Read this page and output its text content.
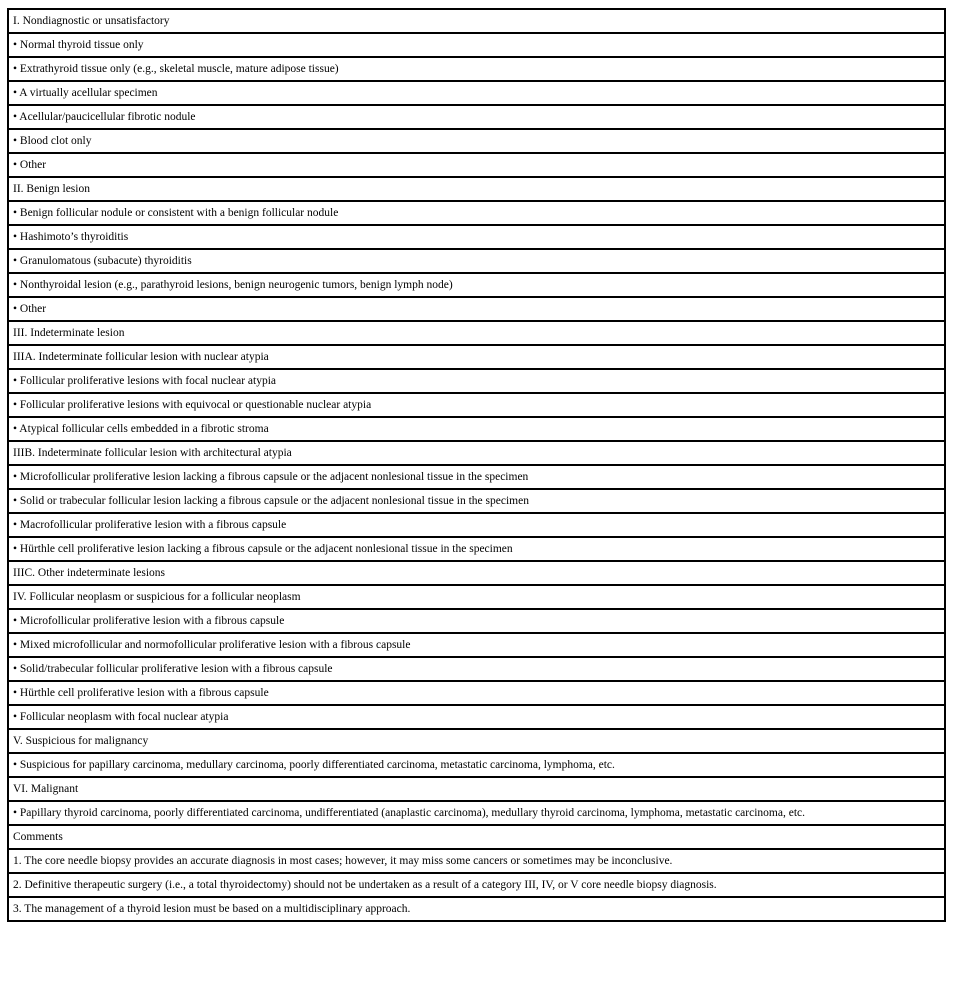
I. Nondiagnostic or unsatisfactory
• Normal thyroid tissue only
• Extrathyroid tissue only (e.g., skeletal muscle, mature adipose tissue)
• A virtually acellular specimen
• Acellular/paucicellular fibrotic nodule
• Blood clot only
• Other
II. Benign lesion
• Benign follicular nodule or consistent with a benign follicular nodule
• Hashimoto’s thyroiditis
• Granulomatous (subacute) thyroiditis
• Nonthyroidal lesion (e.g., parathyroid lesions, benign neurogenic tumors, benign lymph node)
• Other
III. Indeterminate lesion
IIIA. Indeterminate follicular lesion with nuclear atypia
• Follicular proliferative lesions with focal nuclear atypia
• Follicular proliferative lesions with equivocal or questionable nuclear atypia
• Atypical follicular cells embedded in a fibrotic stroma
IIIB. Indeterminate follicular lesion with architectural atypia
• Microfollicular proliferative lesion lacking a fibrous capsule or the adjacent nonlesional tissue in the specimen
• Solid or trabecular follicular lesion lacking a fibrous capsule or the adjacent nonlesional tissue in the specimen
• Macrofollicular proliferative lesion with a fibrous capsule
• Hürthle cell proliferative lesion lacking a fibrous capsule or the adjacent nonlesional tissue in the specimen
IIIC. Other indeterminate lesions
IV. Follicular neoplasm or suspicious for a follicular neoplasm
• Microfollicular proliferative lesion with a fibrous capsule
• Mixed microfollicular and normofollicular proliferative lesion with a fibrous capsule
• Solid/trabecular follicular proliferative lesion with a fibrous capsule
• Hürthle cell proliferative lesion with a fibrous capsule
• Follicular neoplasm with focal nuclear atypia
V. Suspicious for malignancy
• Suspicious for papillary carcinoma, medullary carcinoma, poorly differentiated carcinoma, metastatic carcinoma, lymphoma, etc.
VI. Malignant
• Papillary thyroid carcinoma, poorly differentiated carcinoma, undifferentiated (anaplastic carcinoma), medullary thyroid carcinoma, lymphoma, metastatic carcinoma, etc.
Comments
1. The core needle biopsy provides an accurate diagnosis in most cases; however, it may miss some cancers or sometimes may be inconclusive.
2. Definitive therapeutic surgery (i.e., a total thyroidectomy) should not be undertaken as a result of a category III, IV, or V core needle biopsy diagnosis.
3. The management of a thyroid lesion must be based on a multidisciplinary approach.
